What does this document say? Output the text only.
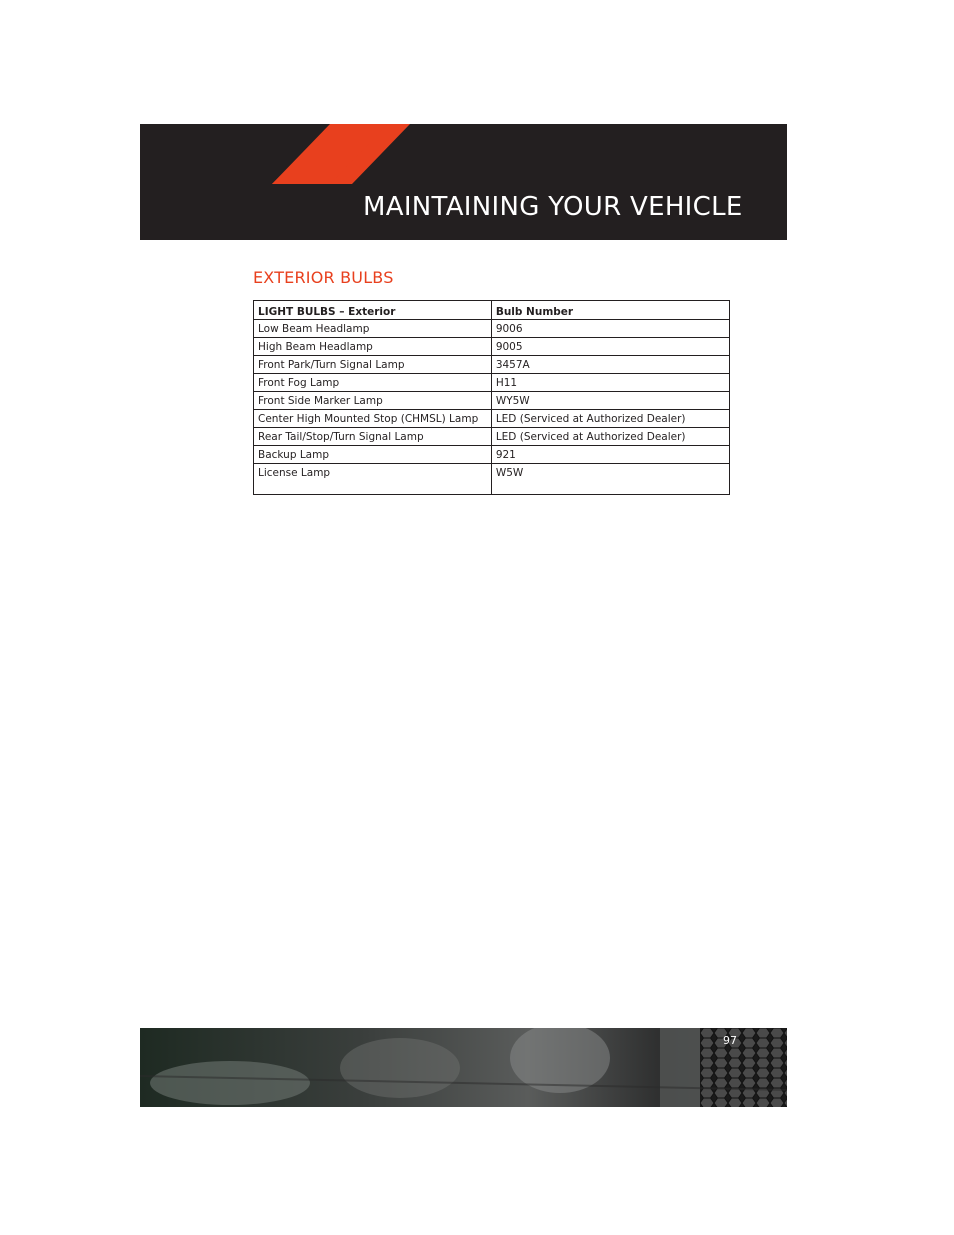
MAINTAINING YOUR VEHICLE
EXTERIOR BULBS
LIGHT BULBS – Exterior	Bulb Number
Low Beam Headlamp	9006
High Beam Headlamp	9005
Front Park/Turn Signal Lamp	3457A
Front Fog Lamp	H11
Front Side Marker Lamp	WY5W
Center High Mounted Stop (CHMSL) Lamp	LED (Serviced at Authorized Dealer)
Rear Tail/Stop/Turn Signal Lamp	LED (Serviced at Authorized Dealer)
Backup Lamp	921
License Lamp	W5W
97
